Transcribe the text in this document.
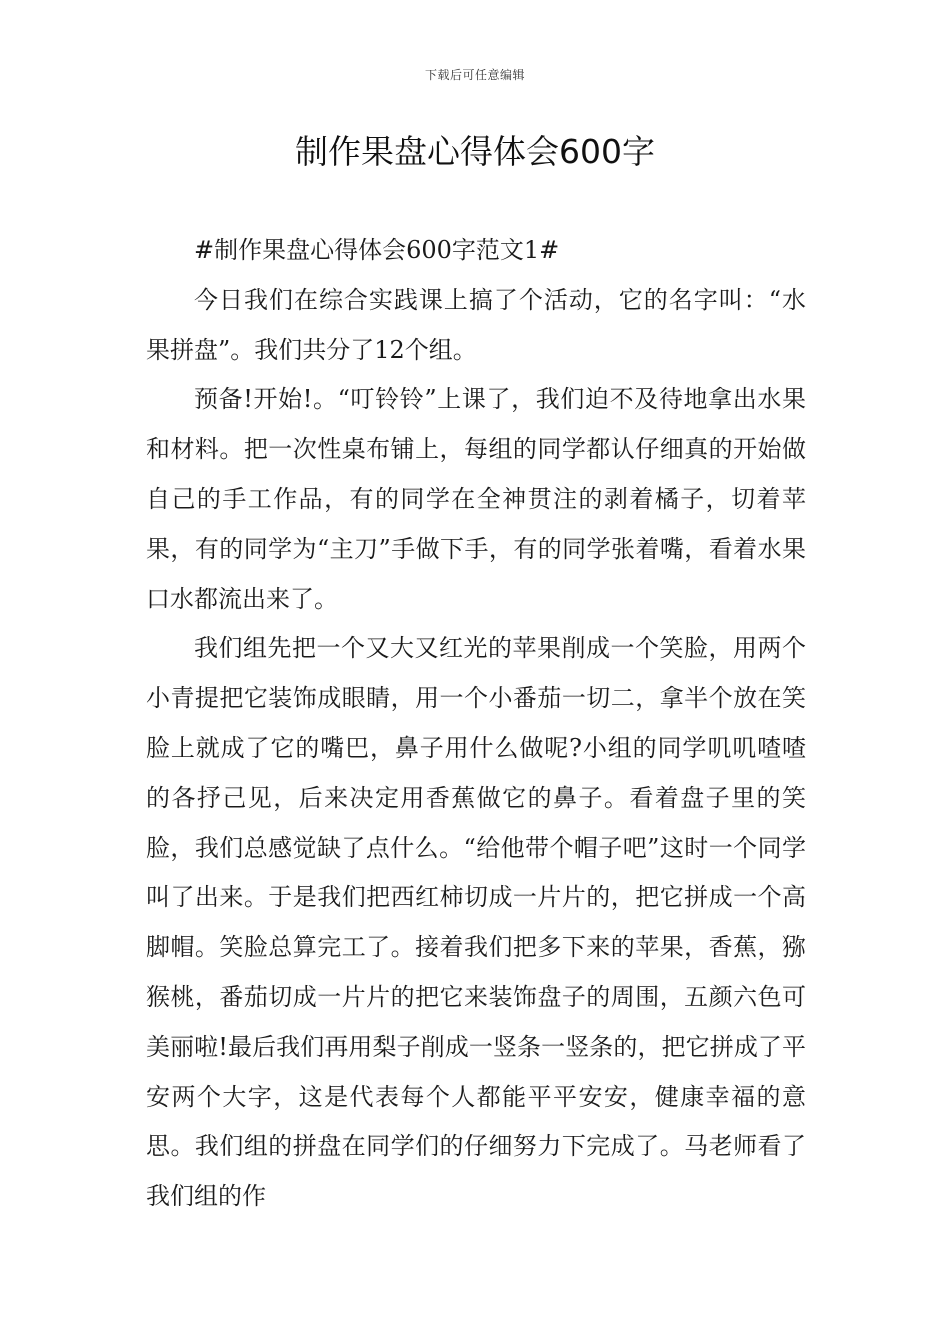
下载后可任意编辑
制作果盘心得体会600字

#制作果盘心得体会600字范文1#

今日我们在综合实践课上搞了个活动，它的名字叫：“水果拼盘”。我们共分了12个组。

预备!开始!。“叮铃铃”上课了，我们迫不及待地拿出水果和材料。把一次性桌布铺上，每组的同学都认仔细真的开始做自己的手工作品，有的同学在全神贯注的剥着橘子，切着苹果，有的同学为“主刀”手做下手，有的同学张着嘴，看着水果口水都流出来了。

我们组先把一个又大又红光的苹果削成一个笑脸，用两个小青提把它装饰成眼睛，用一个小番茄一切二，拿半个放在笑脸上就成了它的嘴巴，鼻子用什么做呢?小组的同学叽叽喳喳的各抒己见，后来决定用香蕉做它的鼻子。看着盘子里的笑脸，我们总感觉缺了点什么。“给他带个帽子吧”这时一个同学叫了出来。于是我们把西红柿切成一片片的，把它拼成一个高脚帽。笑脸总算完工了。接着我们把多下来的苹果，香蕉，猕猴桃，番茄切成一片片的把它来装饰盘子的周围，五颜六色可美丽啦!最后我们再用梨子削成一竖条一竖条的，把它拼成了平安两个大字，这是代表每个人都能平平安安，健康幸福的意思。我们组的拼盘在同学们的仔细努力下完成了。马老师看了我们组的作
